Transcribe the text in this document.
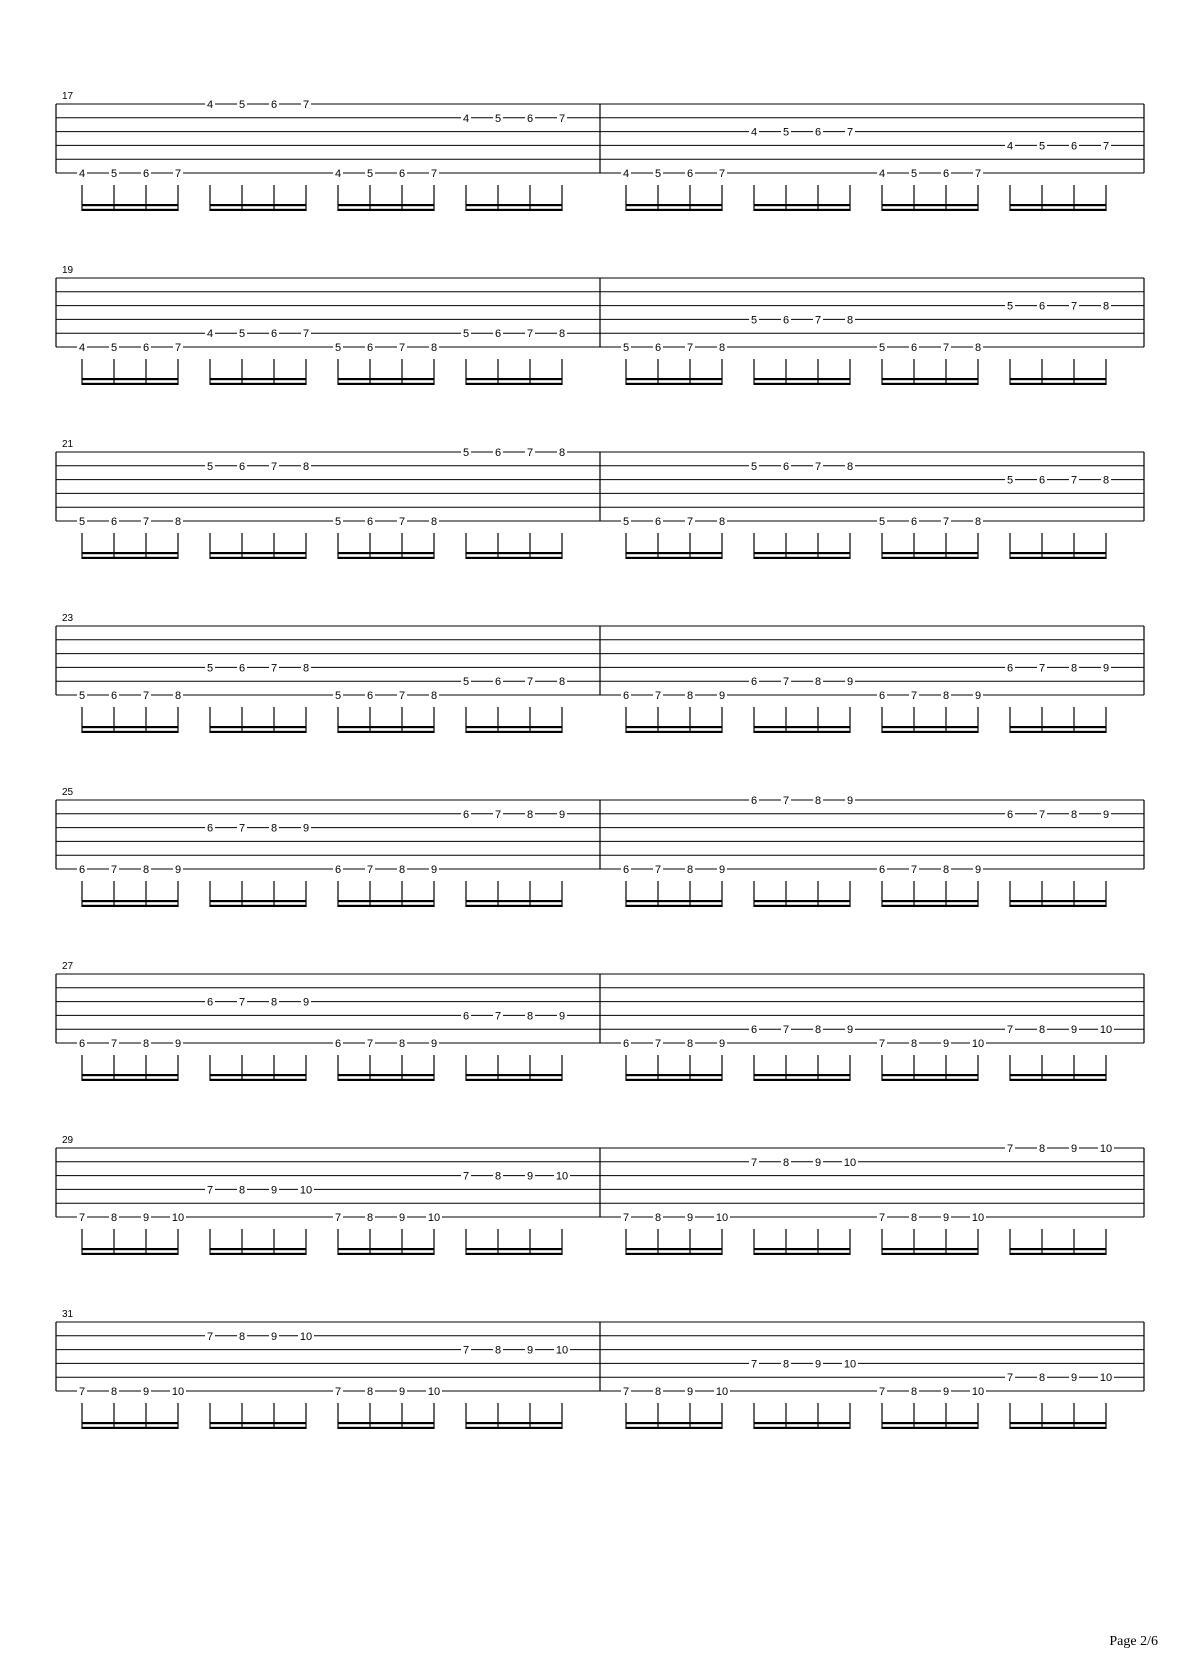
17
4 5 6 7
4 5 6 7
4 5 6 7
4 5 6 7
4 5 6 7
4 5 6 7
4 5 6 7
4 5 6 7
19
4 5 6 7
4 5 6 7
5 6 7 8
5 6 7 8
5 6 7 8
5 6 7 8
5 6 7 8
5 6 7 8
21
5 6 7 8
5 6 7 8
5 6 7 8
5 6 7 8
5 6 7 8
5 6 7 8
5 6 7 8
5 6 7 8
23
5 6 7 8
5 6 7 8
5 6 7 8
5 6 7 8
6 7 8 9
6 7 8 9
6 7 8 9
6 7 8 9
25
6 7 8 9
6 7 8 9
6 7 8 9
6 7 8 9
6 7 8 9
6 7 8 9
6 7 8 9
6 7 8 9
27
6 7 8 9
6 7 8 9
6 7 8 9
6 7 8 9
6 7 8 9
6 7 8 9
7 8 9 10
7 8 9 10
29
7 8 9 10
7 8 9 10
7 8 9 10
7 8 9 10
7 8 9 10
7 8 9 10
7 8 9 10
7 8 9 10
31
7 8 9 10
7 8 9 10
7 8 9 10
7 8 9 10
7 8 9 10
7 8 9 10
7 8 9 10
7 8 9 10
Page 2/6
